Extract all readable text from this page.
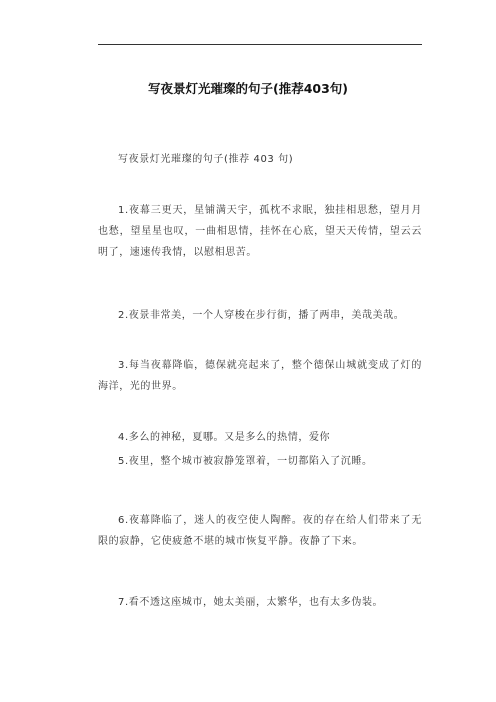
写夜景灯光璀璨的句子(推荐403句)
写夜景灯光璀璨的句子(推荐 403 句)

1.夜幕三更天，星铺满天宇，孤枕不求眠，独挂相思愁，望月月也愁，望星星也叹，一曲相思情，挂怀在心底，望天天传情，望云云明了，速速传我情，以慰相思苦。

2.夜景非常美，一个人穿梭在步行街，播了两串，美哉美哉。

3.每当夜幕降临，德保就亮起来了，整个德保山城就变成了灯的海洋，光的世界。

4.多么的神秘，夏哪。又是多么的热情，爱你

5.夜里，整个城市被寂静笼罩着，一切都陷入了沉睡。

6.夜幕降临了，迷人的夜空使人陶醉。夜的存在给人们带来了无限的寂静，它使疲惫不堪的城市恢复平静。夜静了下来。

7.看不透这座城市，她太美丽，太繁华，也有太多伪装。
